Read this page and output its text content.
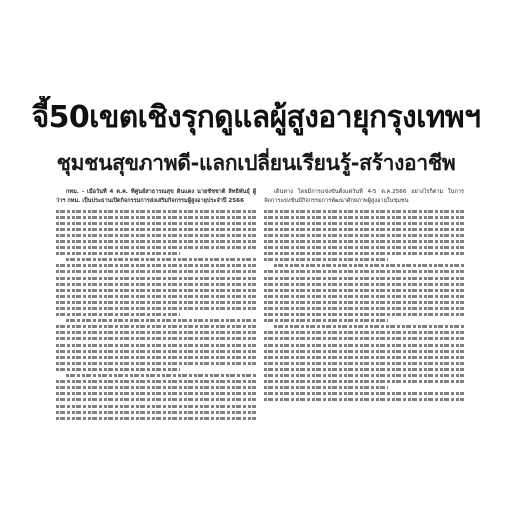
จี้50เขตเชิงรุกดูแลผู้สูงอายุกรุงเทพฯ
ชุมชนสุขภาพดี-แลกเปลี่ยนเรียนรู้-สร้างอาชีพ

กทม. - เมื่อวันที่ 4 ต.ค. ที่ศูนย์สาธารณสุข ดินแดง นายชัชชาติ สิทธิพันธุ์ ผู้ว่าฯ กทม. เป็นประธานเปิดกิจกรรมการส่งเสริมกิจกรรมผู้สูงอายุประจำปี 2566

เดินทาง โดยมีการแข่งขันตั้งแต่วันที่ 4-5 ต.ค.2566 อย่างไรก็ตาม ในการจัดการแข่งขันมีกิจกรรมการพัฒนาศักยภาพผู้สูงอายุในชุมชน
